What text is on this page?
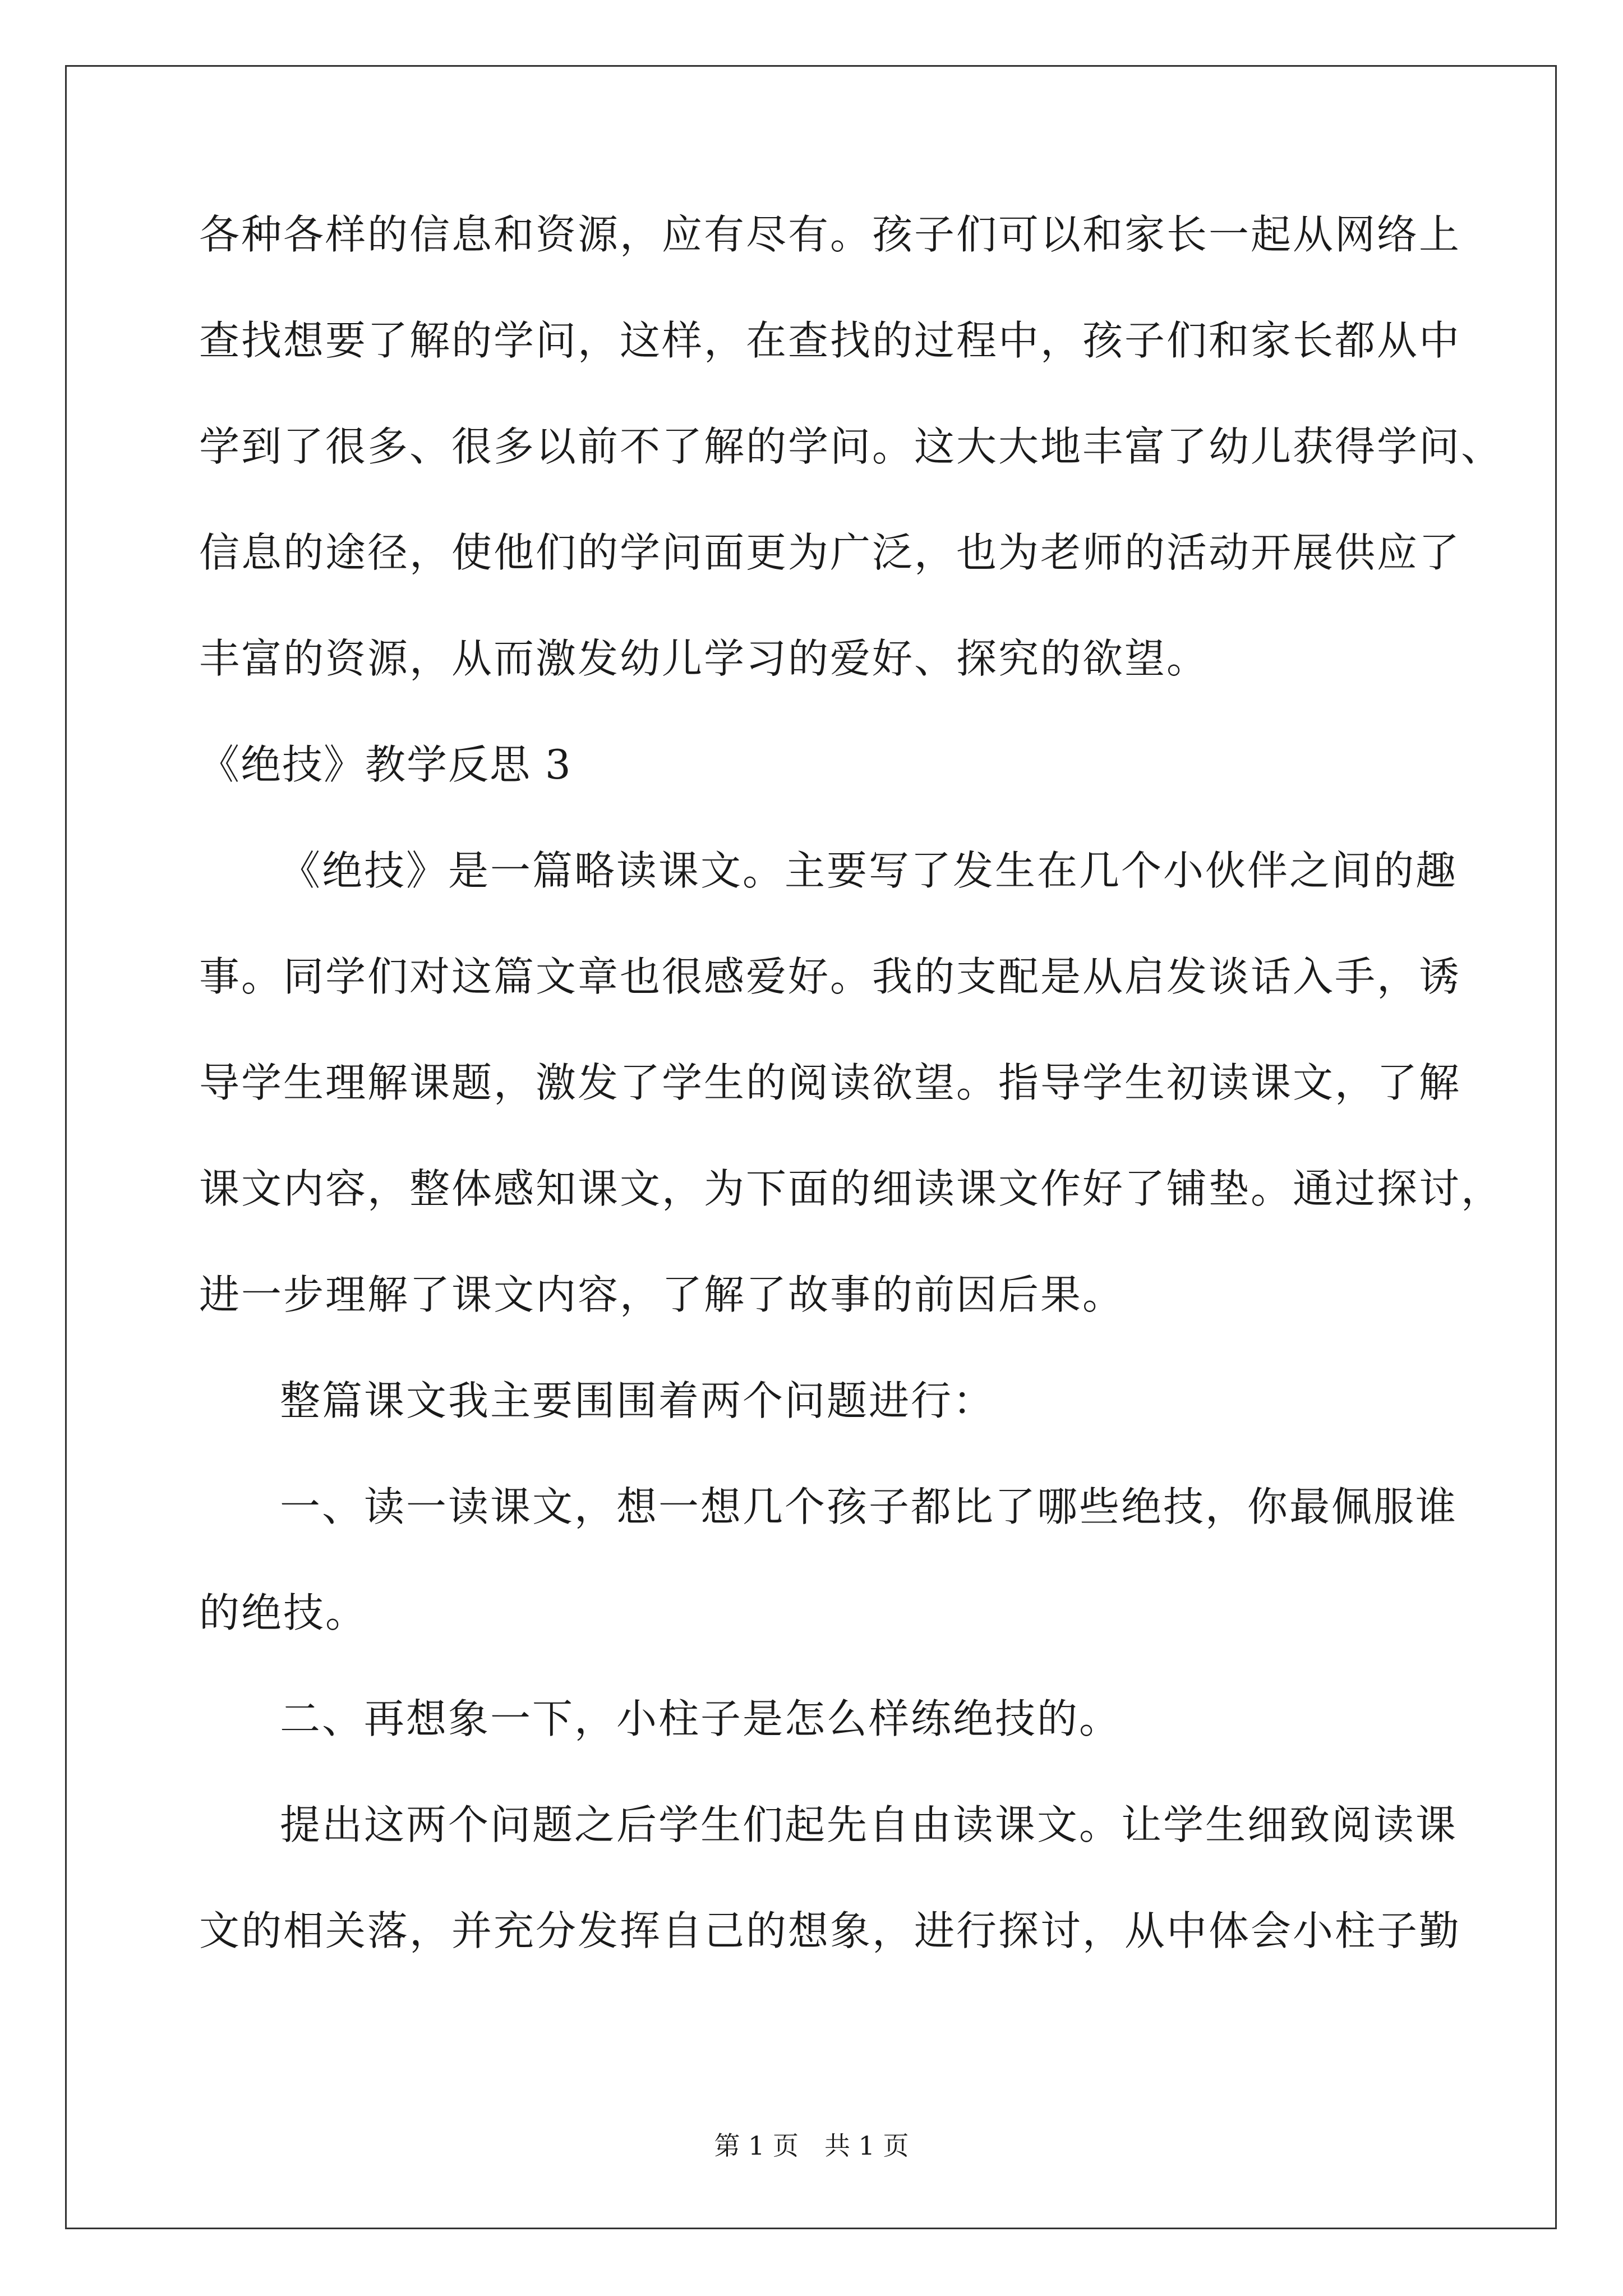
各种各样的信息和资源，应有尽有。孩子们可以和家长一起从网络上
查找想要了解的学问，这样，在查找的过程中，孩子们和家长都从中
学到了很多、很多以前不了解的学问。这大大地丰富了幼儿获得学问、
信息的途径，使他们的学问面更为广泛，也为老师的活动开展供应了
丰富的资源，从而激发幼儿学习的爱好、探究的欲望。
《绝技》教学反思 3
《绝技》是一篇略读课文。主要写了发生在几个小伙伴之间的趣
事。同学们对这篇文章也很感爱好。我的支配是从启发谈话入手，诱
导学生理解课题，激发了学生的阅读欲望。指导学生初读课文，了解
课文内容，整体感知课文，为下面的细读课文作好了铺垫。通过探讨，
进一步理解了课文内容，了解了故事的前因后果。
整篇课文我主要围围着两个问题进行：
一、读一读课文，想一想几个孩子都比了哪些绝技，你最佩服谁
的绝技。
二、再想象一下，小柱子是怎么样练绝技的。
提出这两个问题之后学生们起先自由读课文。让学生细致阅读课
文的相关落，并充分发挥自己的想象，进行探讨，从中体会小柱子勤
第 1 页　共 1 页
